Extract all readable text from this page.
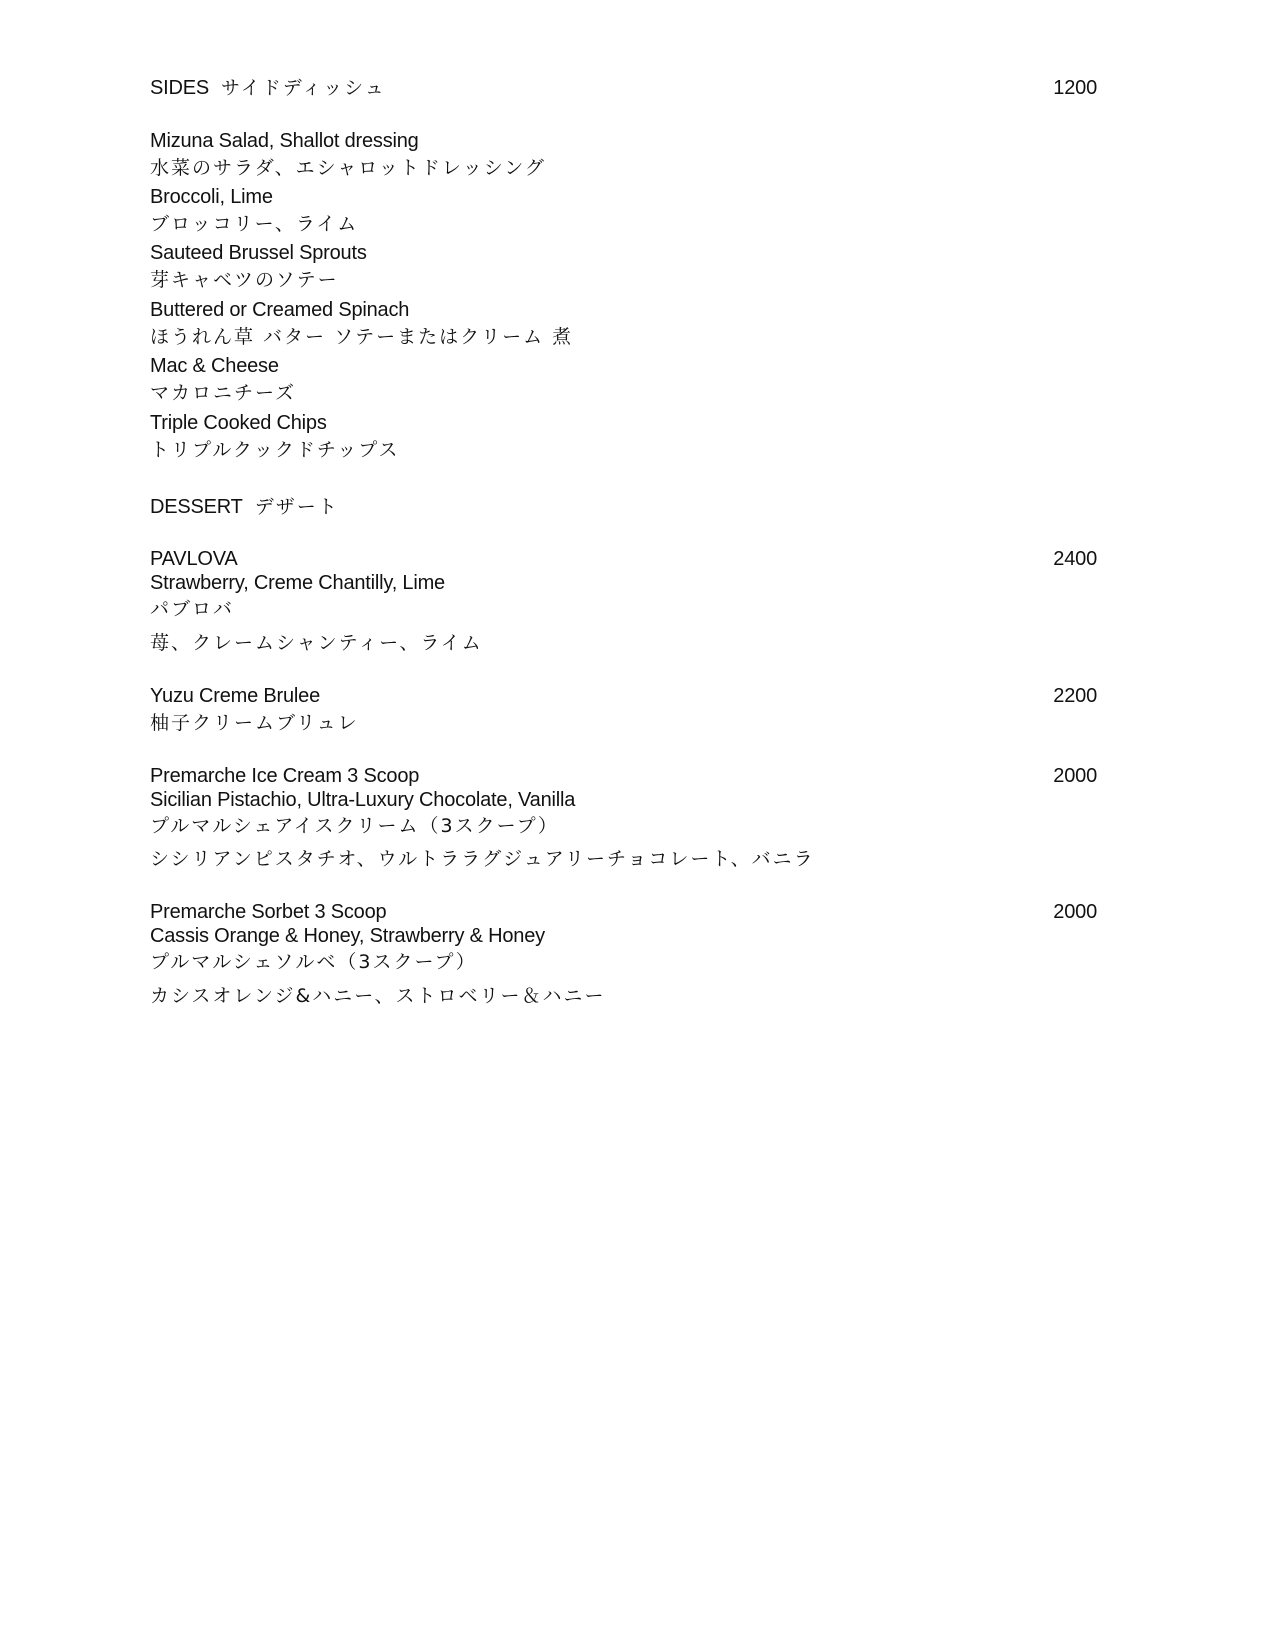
SIDES サイドディッシュ	1200
Mizuna Salad, Shallot dressing
水菜のサラダ、エシャロットドレッシング
Broccoli, Lime
ブロッコリー、ライム
Sauteed Brussel Sprouts
芽キャベツのソテー
Buttered or Creamed Spinach
ほうれん草 バター ソテーまたはクリーム 煮
Mac & Cheese
マカロニチーズ
Triple Cooked Chips
トリプルクックドチップス
DESSERT デザート
PAVLOVA	2400
Strawberry, Creme Chantilly, Lime
パブロバ
苺、クレームシャンティー、ライム
Yuzu Creme Brulee	2200
柚子クリームブリュレ
Premarche Ice Cream 3 Scoop	2000
Sicilian Pistachio, Ultra-Luxury Chocolate, Vanilla
プルマルシェアイスクリーム（3スクープ）
シシリアンピスタチオ、ウルトララグジュアリーチョコレート、バニラ
Premarche Sorbet 3 Scoop	2000
Cassis Orange & Honey, Strawberry & Honey
プルマルシェソルベ（3スクープ）
カシスオレンジ&ハニー、ストロベリー＆ハニー
